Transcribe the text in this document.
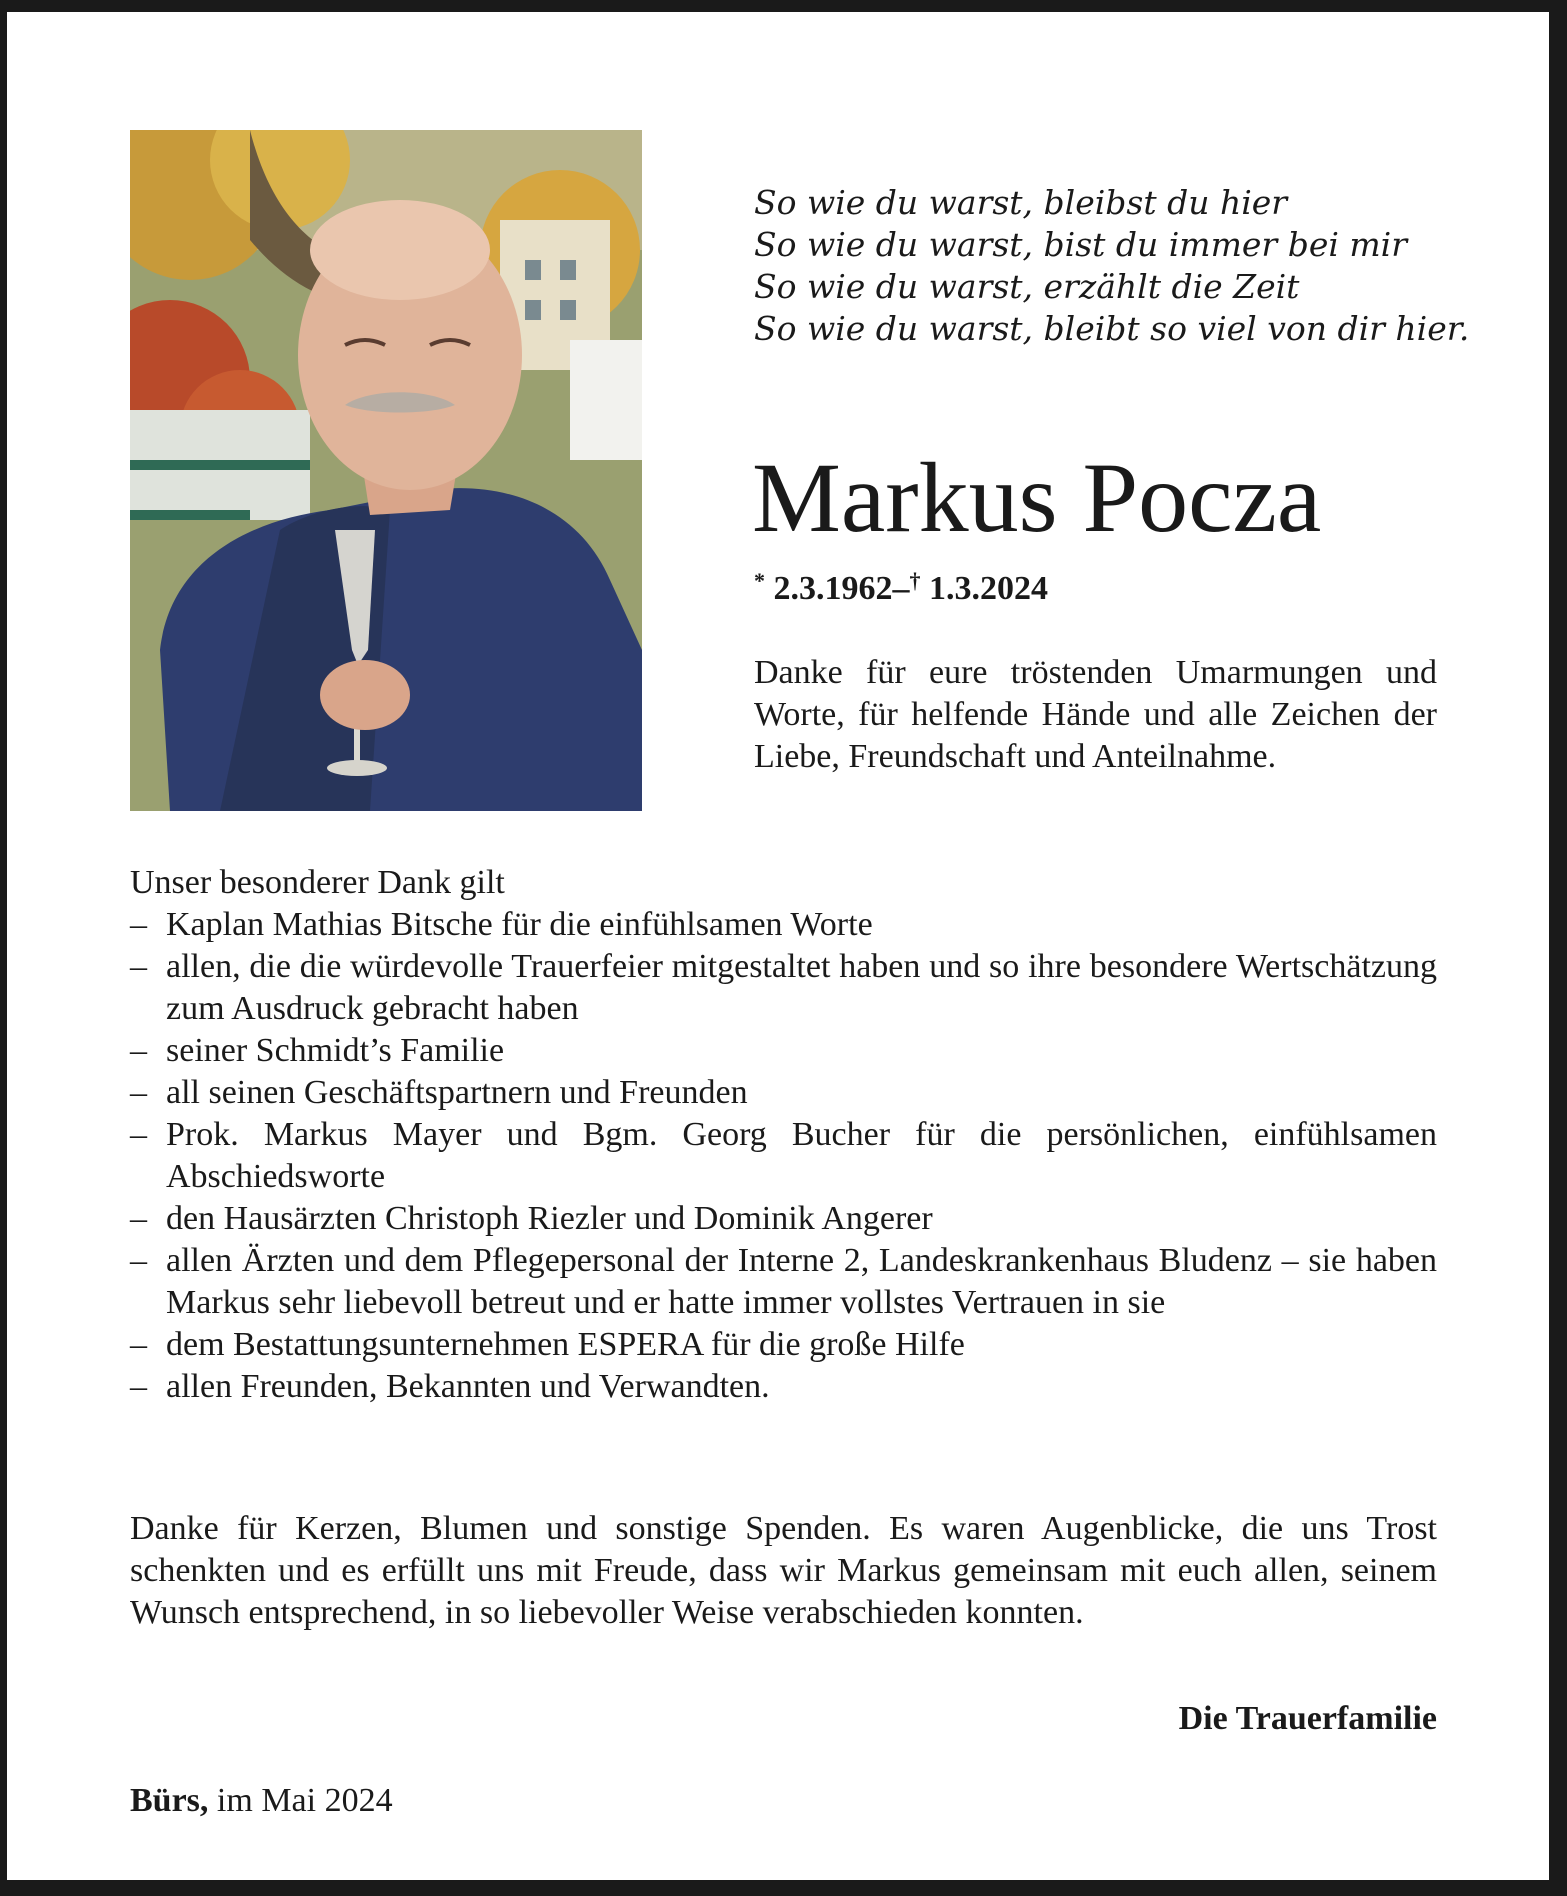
So wie du warst, bleibst du hier
So wie du warst, bist du immer bei mir
So wie du warst, erzählt die Zeit
So wie du warst, bleibt so viel von dir hier.
Markus Pocza
* 2.3.1962–† 1.3.2024
Danke für eure tröstenden Umarmungen und Worte, für helfende Hände und alle Zeichen der Liebe, Freundschaft und Anteilnahme.

Unser besonderer Dank gilt

– Kaplan Mathias Bitsche für die einfühlsamen Worte
– allen, die die würdevolle Trauerfeier mitgestaltet haben und so ihre besondere Wertschätzung zum Ausdruck gebracht haben
– seiner Schmidt’s Familie
– all seinen Geschäftspartnern und Freunden
– Prok. Markus Mayer und Bgm. Georg Bucher für die persönlichen, einfühlsamen Abschiedsworte
– den Hausärzten Christoph Riezler und Dominik Angerer
– allen Ärzten und dem Pflegepersonal der Interne 2, Landeskrankenhaus Bludenz – sie haben Markus sehr liebevoll betreut und er hatte immer vollstes Vertrauen in sie
– dem Bestattungsunternehmen ESPERA für die große Hilfe
– allen Freunden, Bekannten und Verwandten.
Danke für Kerzen, Blumen und sonstige Spenden. Es waren Augenblicke, die uns Trost schenkten und es erfüllt uns mit Freude, dass wir Markus gemeinsam mit euch allen, seinem Wunsch entsprechend, in so liebevoller Weise verabschieden konnten.
Die Trauerfamilie
Bürs, im Mai 2024
